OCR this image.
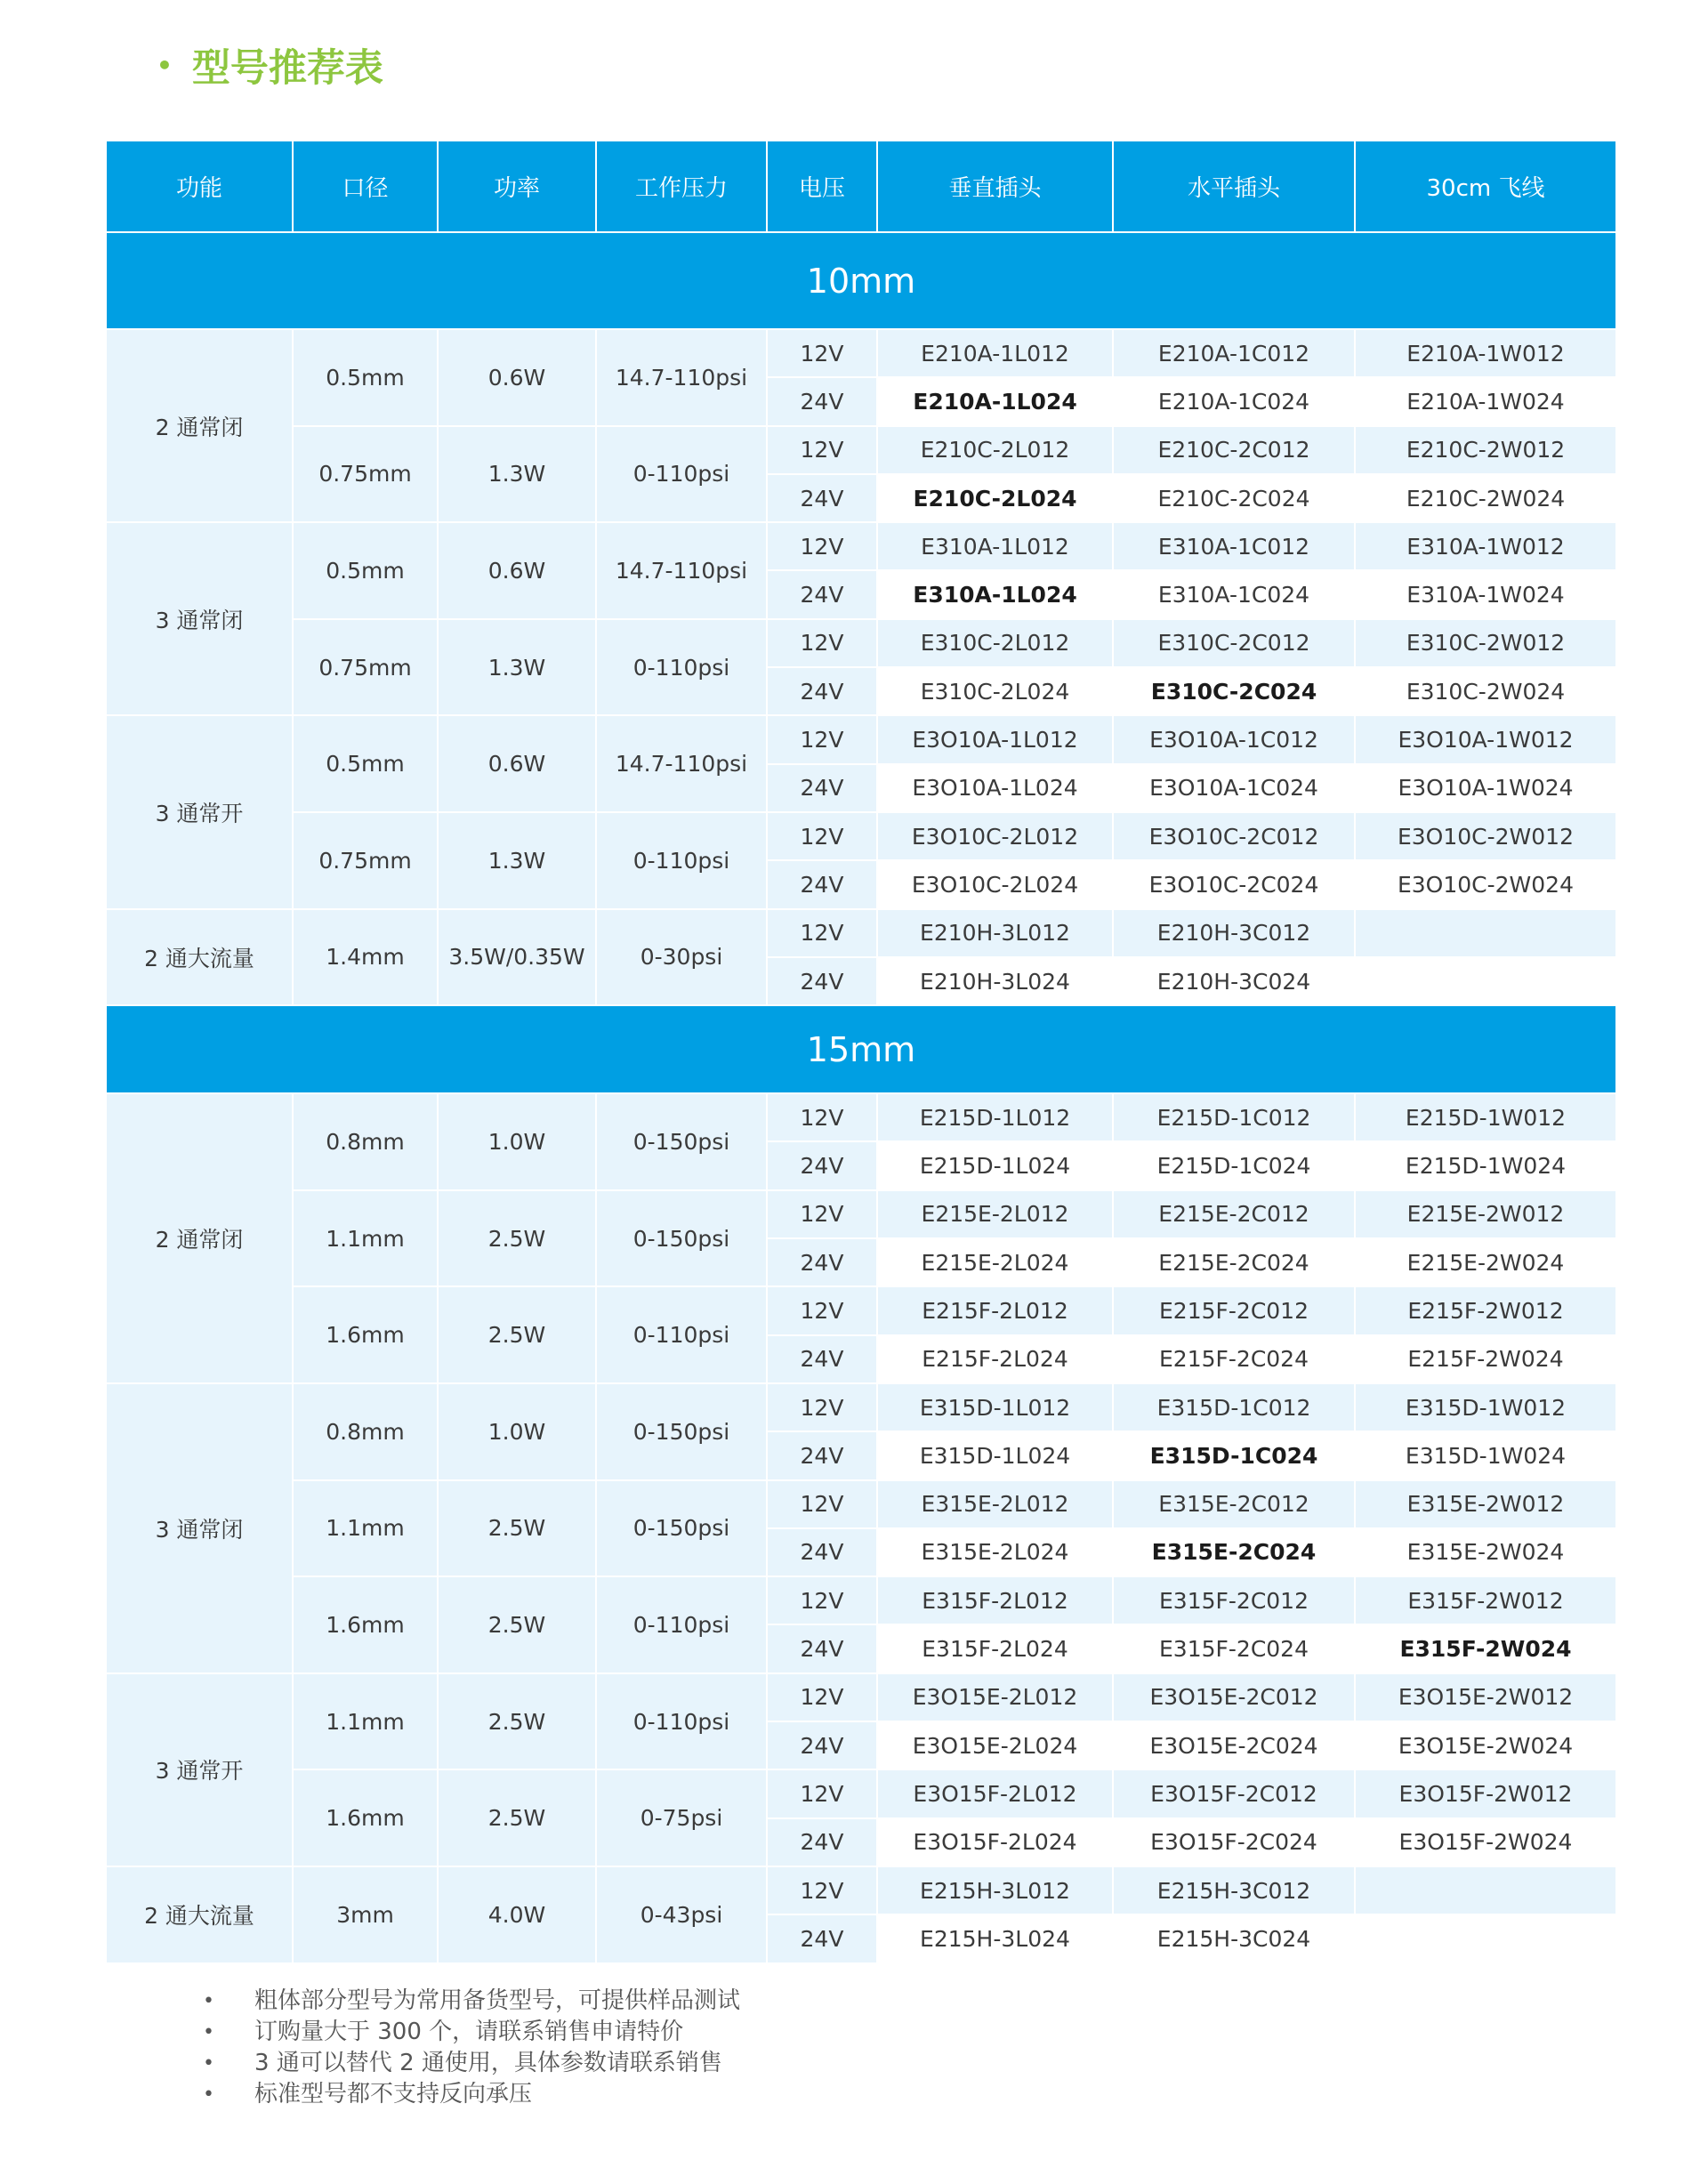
• 型号推荐表
功能	口径	功率	工作压力	电压	垂直插头	水平插头	30cm 飞线
10mm							
2 通常闭	0.5mm	0.6W	14.7-110psi	12V	E210A-1L012	E210A-1C012	E210A-1W012
				24V	E210A-1L024	E210A-1C024	E210A-1W024
	0.75mm	1.3W	0-110psi	12V	E210C-2L012	E210C-2C012	E210C-2W012
				24V	E210C-2L024	E210C-2C024	E210C-2W024
3 通常闭	0.5mm	0.6W	14.7-110psi	12V	E310A-1L012	E310A-1C012	E310A-1W012
				24V	E310A-1L024	E310A-1C024	E310A-1W024
	0.75mm	1.3W	0-110psi	12V	E310C-2L012	E310C-2C012	E310C-2W012
				24V	E310C-2L024	E310C-2C024	E310C-2W024
3 通常开	0.5mm	0.6W	14.7-110psi	12V	E3O10A-1L012	E3O10A-1C012	E3O10A-1W012
				24V	E3O10A-1L024	E3O10A-1C024	E3O10A-1W024
	0.75mm	1.3W	0-110psi	12V	E3O10C-2L012	E3O10C-2C012	E3O10C-2W012
				24V	E3O10C-2L024	E3O10C-2C024	E3O10C-2W024
2 通大流量	1.4mm	3.5W/0.35W	0-30psi	12V	E210H-3L012	E210H-3C012	
				24V	E210H-3L024	E210H-3C024	
15mm							
2 通常闭	0.8mm	1.0W	0-150psi	12V	E215D-1L012	E215D-1C012	E215D-1W012
				24V	E215D-1L024	E215D-1C024	E215D-1W024
	1.1mm	2.5W	0-150psi	12V	E215E-2L012	E215E-2C012	E215E-2W012
				24V	E215E-2L024	E215E-2C024	E215E-2W024
	1.6mm	2.5W	0-110psi	12V	E215F-2L012	E215F-2C012	E215F-2W012
				24V	E215F-2L024	E215F-2C024	E215F-2W024
3 通常闭	0.8mm	1.0W	0-150psi	12V	E315D-1L012	E315D-1C012	E315D-1W012
				24V	E315D-1L024	E315D-1C024	E315D-1W024
	1.1mm	2.5W	0-150psi	12V	E315E-2L012	E315E-2C012	E315E-2W012
				24V	E315E-2L024	E315E-2C024	E315E-2W024
	1.6mm	2.5W	0-110psi	12V	E315F-2L012	E315F-2C012	E315F-2W012
				24V	E315F-2L024	E315F-2C024	E315F-2W024
3 通常开	1.1mm	2.5W	0-110psi	12V	E3O15E-2L012	E3O15E-2C012	E3O15E-2W012
				24V	E3O15E-2L024	E3O15E-2C024	E3O15E-2W024
	1.6mm	2.5W	0-75psi	12V	E3O15F-2L012	E3O15F-2C012	E3O15F-2W012
				24V	E3O15F-2L024	E3O15F-2C024	E3O15F-2W024
2 通大流量	3mm	4.0W	0-43psi	12V	E215H-3L012	E215H-3C012	
				24V	E215H-3L024	E215H-3C024	
• 粗体部分型号为常用备货型号，可提供样品测试
• 订购量大于 300 个，请联系销售申请特价
• 3 通可以替代 2 通使用，具体参数请联系销售
• 标准型号都不支持反向承压
